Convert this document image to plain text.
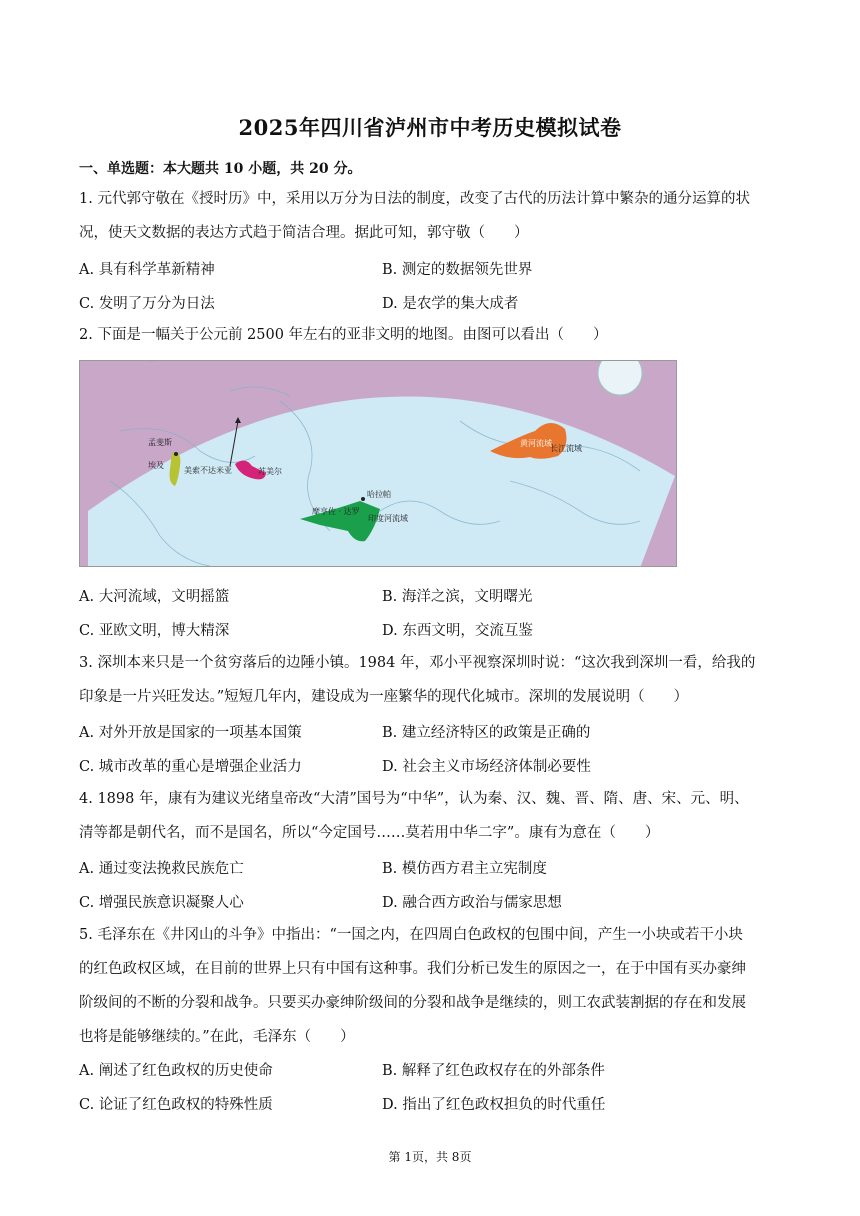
2025年四川省泸州市中考历史模拟试卷
一、单选题：本大题共 10 小题，共 20 分。
1. 元代郭守敬在《授时历》中，采用以万分为日法的制度，改变了古代的历法计算中繁杂的通分运算的状
况，使天文数据的表达方式趋于简洁合理。据此可知，郭守敬（　　）
A. 具有科学革新精神	B. 测定的数据领先世界
C. 发明了万分为日法	D. 是农学的集大成者
2. 下面是一幅关于公元前 2500 年左右的亚非文明的地图。由图可以看出（　　）
孟斐斯
埃及
美索不达米亚	苏美尔
哈拉帕
摩亨佐 · 达罗
印度河流域
黄河流域
长江流域
A. 大河流域，文明摇篮	B. 海洋之滨，文明曙光
C. 亚欧文明，博大精深	D. 东西文明，交流互鉴
3. 深圳本来只是一个贫穷落后的边陲小镇。1984 年，邓小平视察深圳时说：“这次我到深圳一看，给我的
印象是一片兴旺发达。”短短几年内，建设成为一座繁华的现代化城市。深圳的发展说明（　　）
A. 对外开放是国家的一项基本国策	B. 建立经济特区的政策是正确的
C. 城市改革的重心是增强企业活力	D. 社会主义市场经济体制必要性
4. 1898 年，康有为建议光绪皇帝改“大清”国号为“中华”，认为秦、汉、魏、晋、隋、唐、宋、元、明、
清等都是朝代名，而不是国名，所以“今定国号……莫若用中华二字”。康有为意在（　　）
A. 通过变法挽救民族危亡	B. 模仿西方君主立宪制度
C. 增强民族意识凝聚人心	D. 融合西方政治与儒家思想
5. 毛泽东在《井冈山的斗争》中指出：“一国之内，在四周白色政权的包围中间，产生一小块或若干小块
的红色政权区域，在目前的世界上只有中国有这种事。我们分析已发生的原因之一，在于中国有买办豪绅
阶级间的不断的分裂和战争。只要买办豪绅阶级间的分裂和战争是继续的，则工农武装割据的存在和发展
也将是能够继续的。”在此，毛泽东（　　）
A. 阐述了红色政权的历史使命	B. 解释了红色政权存在的外部条件
C. 论证了红色政权的特殊性质	D. 指出了红色政权担负的时代重任
第 1页，共 8页
